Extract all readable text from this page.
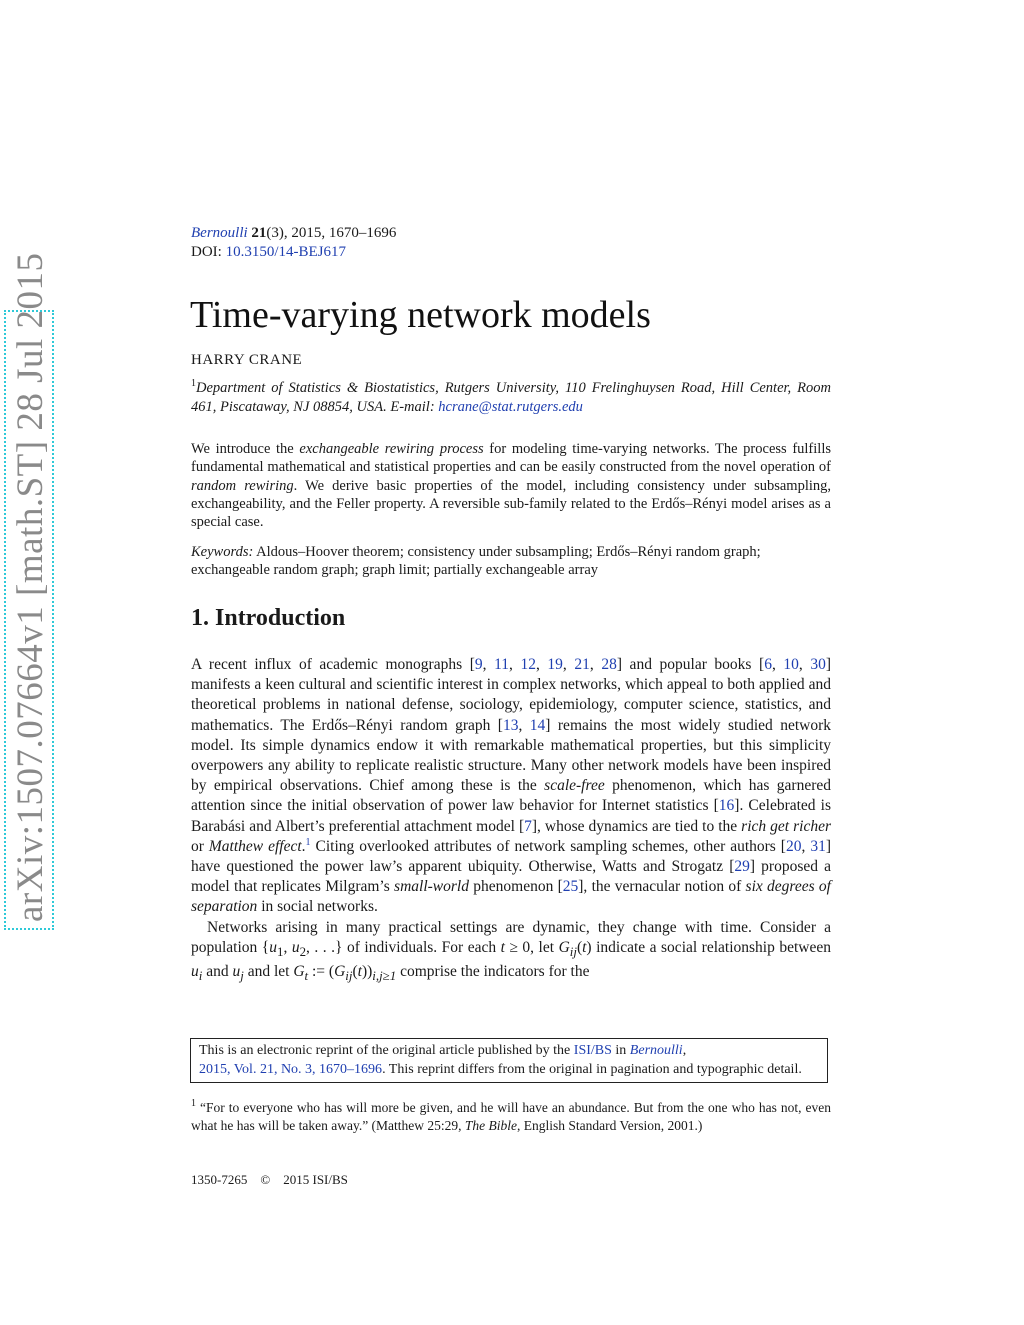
arXiv:1507.07664v1 [math.ST] 28 Jul 2015
Bernoulli 21(3), 2015, 1670–1696
DOI: 10.3150/14-BEJ617
Time-varying network models
HARRY CRANE
$^1$Department of Statistics & Biostatistics, Rutgers University, 110 Frelinghuysen Road, Hill Center, Room 461, Piscataway, NJ 08854, USA. E-mail: hcrane@stat.rutgers.edu
We introduce the exchangeable rewiring process for modeling time-varying networks. The process fulfills fundamental mathematical and statistical properties and can be easily constructed from the novel operation of random rewiring. We derive basic properties of the model, including consistency under subsampling, exchangeability, and the Feller property. A reversible sub-family related to the Erdős–Rényi model arises as a special case.
Keywords: Aldous–Hoover theorem; consistency under subsampling; Erdős–Rényi random graph; exchangeable random graph; graph limit; partially exchangeable array
1. Introduction

A recent influx of academic monographs [9, 11, 12, 19, 21, 28] and popular books [6, 10, 30] manifests a keen cultural and scientific interest in complex networks, which appeal to both applied and theoretical problems in national defense, sociology, epidemiology, computer science, statistics, and mathematics. The Erdős–Rényi random graph [13, 14] remains the most widely studied network model. Its simple dynamics endow it with remarkable mathematical properties, but this simplicity overpowers any ability to replicate realistic structure. Many other network models have been inspired by empirical observations. Chief among these is the scale-free phenomenon, which has garnered attention since the initial observation of power law behavior for Internet statistics [16]. Celebrated is Barabási and Albert’s preferential attachment model [7], whose dynamics are tied to the rich get richer or Matthew effect.$^1$ Citing overlooked attributes of network sampling schemes, other authors [20, 31] have questioned the power law’s apparent ubiquity. Otherwise, Watts and Strogatz [29] proposed a model that replicates Milgram’s small-world phenomenon [25], the vernacular notion of six degrees of separation in social networks.

Networks arising in many practical settings are dynamic, they change with time. Consider a population {$u_1$, $u_2$, . . .} of individuals. For each t ≥ 0, let $G_{ij}(t)$ indicate a social relationship between $u_i$ and $u_j$ and let $G_t$ := $(G_{ij}(t))_{i,j\ge 1}$ comprise the indicators for the

This is an electronic reprint of the original article published by the ISI/BS in Bernoulli,
2015, Vol. 21, No. 3, 1670–1696. This reprint differs from the original in pagination and typographic detail.
$^1$ “For to everyone who has will more be given, and he will have an abundance. But from the one who has not, even what he has will be taken away.” (Matthew 25:29, The Bible, English Standard Version, 2001.)
1350-7265 © 2015 ISI/BS
